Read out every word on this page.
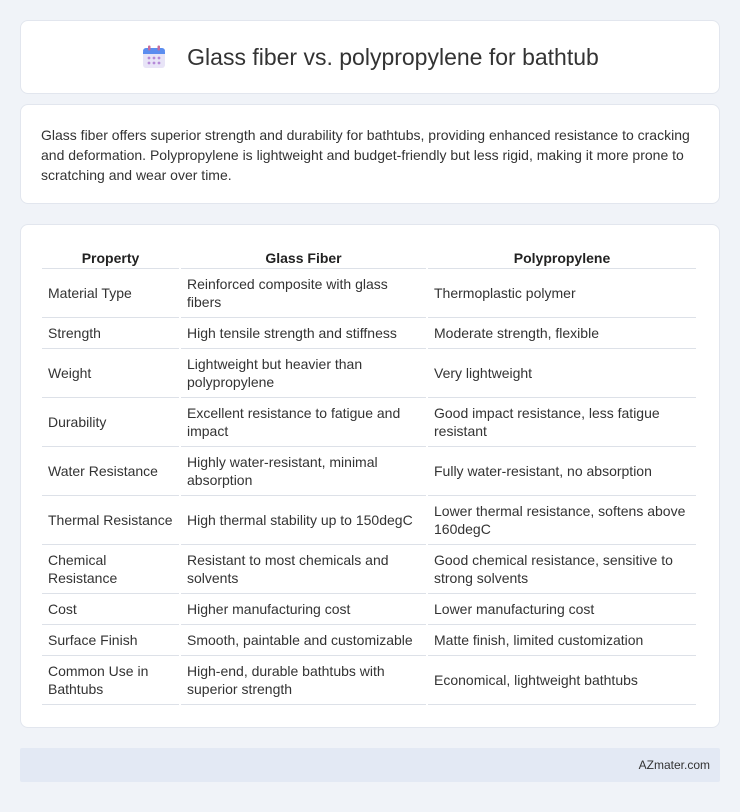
Glass fiber vs. polypropylene for bathtub

Glass fiber offers superior strength and durability for bathtubs, providing enhanced resistance to cracking and deformation. Polypropylene is lightweight and budget-friendly but less rigid, making it more prone to scratching and wear over time.

Property	Glass Fiber	Polypropylene
Material Type	Reinforced composite with glass fibers	Thermoplastic polymer
Strength	High tensile strength and stiffness	Moderate strength, flexible
Weight	Lightweight but heavier than polypropylene	Very lightweight
Durability	Excellent resistance to fatigue and impact	Good impact resistance, less fatigue resistant
Water Resistance	Highly water-resistant, minimal absorption	Fully water-resistant, no absorption
Thermal Resistance	High thermal stability up to 150degC	Lower thermal resistance, softens above 160degC
Chemical Resistance	Resistant to most chemicals and solvents	Good chemical resistance, sensitive to strong solvents
Cost	Higher manufacturing cost	Lower manufacturing cost
Surface Finish	Smooth, paintable and customizable	Matte finish, limited customization
Common Use in Bathtubs	High-end, durable bathtubs with superior strength	Economical, lightweight bathtubs
AZmater.com
